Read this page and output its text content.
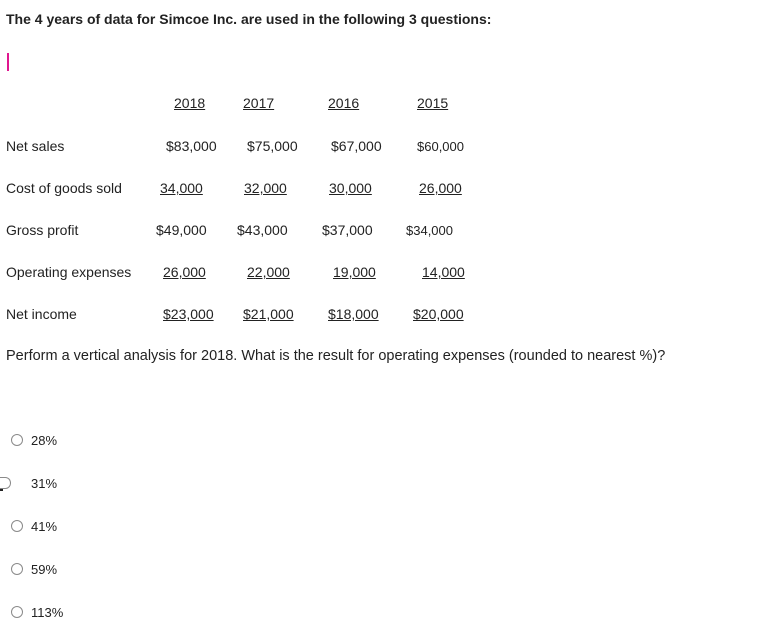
The 4 years of data for Simcoe Inc. are used in the following 3 questions:
2018	2017	2016	2015
Net sales	$83,000 $75,000 $67,000	$60,000
Cost of goods sold	34,000	32,000	30,000	26,000
Gross profit	$49,000 $43,000 $37,000	$34,000
Operating expenses 26,000	22,000	19,000	14,000
Net income	$23,000 $21,000 $18,000 $20,000
Perform a vertical analysis for 2018. What is the result for operating expenses (rounded to nearest %)?
28%
31%
41%
59%
113%
